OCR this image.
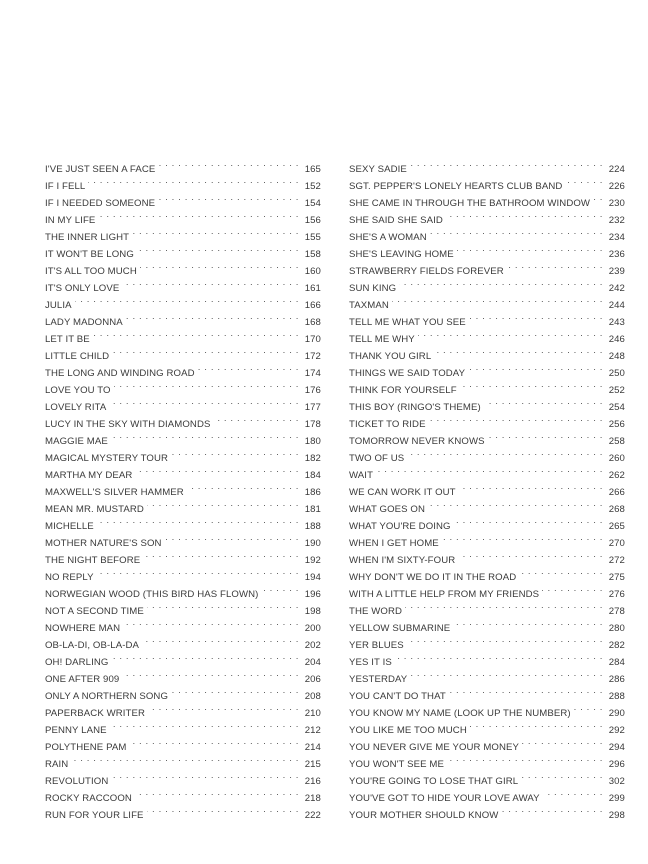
I'VE JUST SEEN A FACE . . .	165
IF I FELL . . .	152
IF I NEEDED SOMEONE . . .	154
IN MY LIFE . . .	156
THE INNER LIGHT . . .	155
IT WON'T BE LONG . . .	158
IT'S ALL TOO MUCH . . .	160
IT'S ONLY LOVE . . .	161
JULIA . . .	166
LADY MADONNA . . .	168
LET IT BE . . .	170
LITTLE CHILD . . .	172
THE LONG AND WINDING ROAD . . .	174
LOVE YOU TO . . .	176
LOVELY RITA . . .	177
LUCY IN THE SKY WITH DIAMONDS . . .	178
MAGGIE MAE . . .	180
MAGICAL MYSTERY TOUR . . .	182
MARTHA MY DEAR . . .	184
MAXWELL'S SILVER HAMMER . . .	186
MEAN MR. MUSTARD . . .	181
MICHELLE . . .	188
MOTHER NATURE'S SON . . .	190
THE NIGHT BEFORE . . .	192
NO REPLY . . .	194
NORWEGIAN WOOD (THIS BIRD HAS FLOWN) . . .	196
NOT A SECOND TIME . . .	198
NOWHERE MAN . . .	200
OB-LA-DI, OB-LA-DA . . .	202
OH! DARLING . . .	204
ONE AFTER 909 . . .	206
ONLY A NORTHERN SONG . . .	208
PAPERBACK WRITER . . .	210
PENNY LANE . . .	212
POLYTHENE PAM . . .	214
RAIN . . .	215
REVOLUTION . . .	216
ROCKY RACCOON . . .	218
RUN FOR YOUR LIFE . . .	222
SEXY SADIE . . .	224
SGT. PEPPER'S LONELY HEARTS CLUB BAND . . .	226
SHE CAME IN THROUGH THE BATHROOM WINDOW . . .	230
SHE SAID SHE SAID . . .	232
SHE'S A WOMAN . . .	234
SHE'S LEAVING HOME . . .	236
STRAWBERRY FIELDS FOREVER . . .	239
SUN KING . . .	242
TAXMAN . . .	244
TELL ME WHAT YOU SEE . . .	243
TELL ME WHY . . .	246
THANK YOU GIRL . . .	248
THINGS WE SAID TODAY . . .	250
THINK FOR YOURSELF . . .	252
THIS BOY (RINGO'S THEME) . . .	254
TICKET TO RIDE . . .	256
TOMORROW NEVER KNOWS . . .	258
TWO OF US . . .	260
WAIT . . .	262
WE CAN WORK IT OUT . . .	266
WHAT GOES ON . . .	268
WHAT YOU'RE DOING . . .	265
WHEN I GET HOME . . .	270
WHEN I'M SIXTY-FOUR . . .	272
WHY DON'T WE DO IT IN THE ROAD . . .	275
WITH A LITTLE HELP FROM MY FRIENDS . . .	276
THE WORD . . .	278
YELLOW SUBMARINE . . .	280
YER BLUES . . .	282
YES IT IS . . .	284
YESTERDAY . . .	286
YOU CAN'T DO THAT . . .	288
YOU KNOW MY NAME (LOOK UP THE NUMBER) . . .	290
YOU LIKE ME TOO MUCH . . .	292
YOU NEVER GIVE ME YOUR MONEY . . .	294
YOU WON'T SEE ME . . .	296
YOU'RE GOING TO LOSE THAT GIRL . . .	302
YOU'VE GOT TO HIDE YOUR LOVE AWAY . . .	299
YOUR MOTHER SHOULD KNOW . . .	298
